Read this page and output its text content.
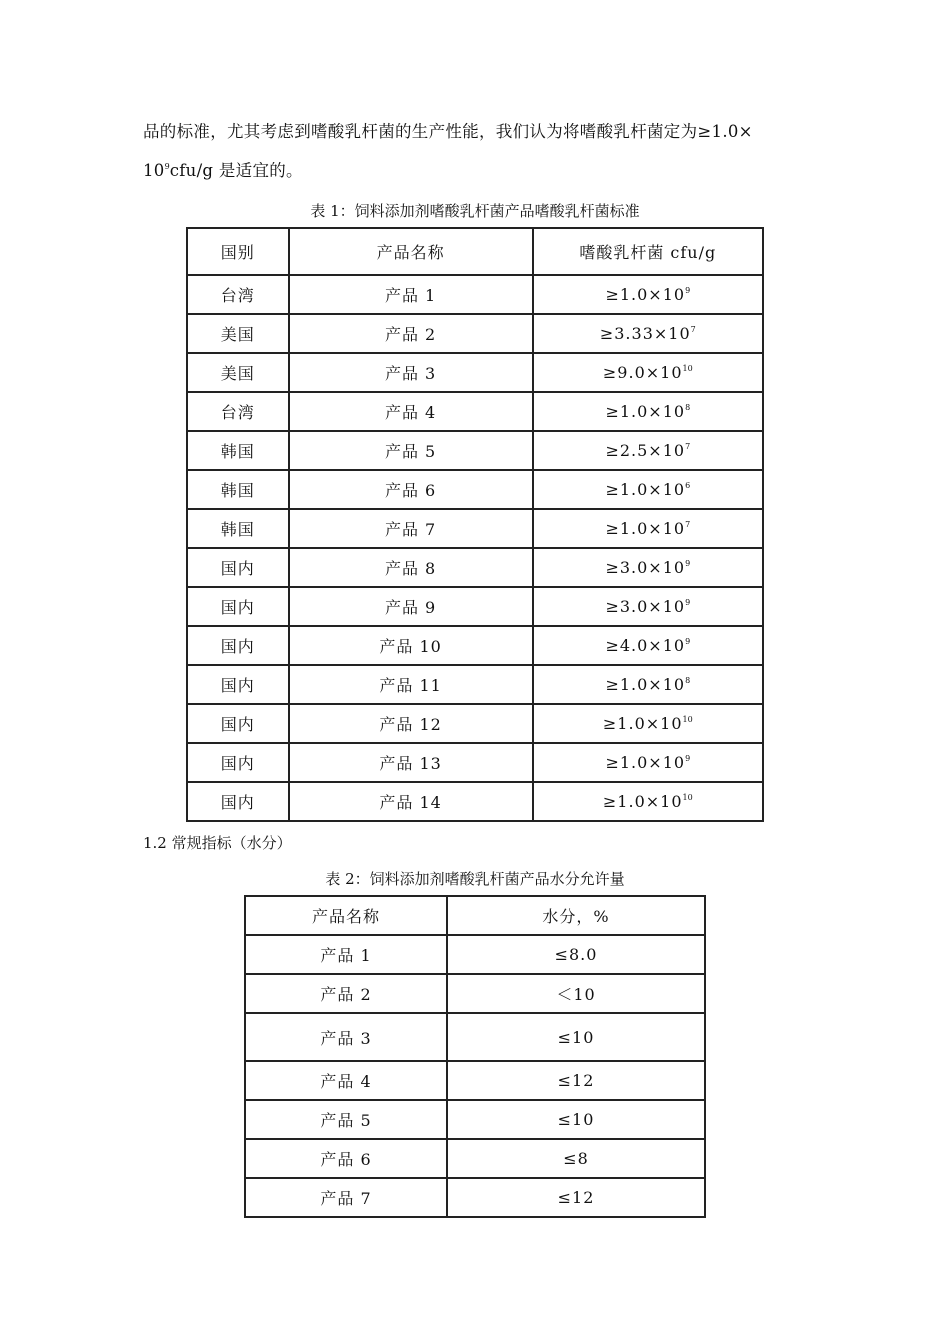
品的标准，尤其考虑到嗜酸乳杆菌的生产性能，我们认为将嗜酸乳杆菌定为≥1.0×
$10^9cfu/g$ 是适宜的。
表 1：饲料添加剂嗜酸乳杆菌产品嗜酸乳杆菌标准
国别	产品名称	嗜酸乳杆菌 cfu/g
台湾	产品 1	$\ge 1.0\times 10^9$
美国	产品 2	$\ge 3.33\times 10^7$
美国	产品 3	$\ge 9.0\times 10^{10}$
台湾	产品 4	$\ge 1.0\times 10^8$
韩国	产品 5	$\ge 2.5\times 10^7$
韩国	产品 6	$\ge 1.0\times 10^6$
韩国	产品 7	$\ge 1.0\times 10^7$
国内	产品 8	$\ge 3.0\times 10^9$
国内	产品 9	$\ge 3.0\times 10^9$
国内	产品 10	$\ge 4.0\times 10^9$
国内	产品 11	$\ge 1.0\times 10^8$
国内	产品 12	$\ge 1.0\times 10^{10}$
国内	产品 13	$\ge 1.0\times 10^9$
国内	产品 14	$\ge 1.0\times 10^{10}$
1.2 常规指标（水分）
表 2：饲料添加剂嗜酸乳杆菌产品水分允许量
产品名称	水分，%
产品 1	≤8.0
产品 2	＜10
产品 3	≤10
产品 4	≤12
产品 5	≤10
产品 6	≤8
产品 7	≤12
